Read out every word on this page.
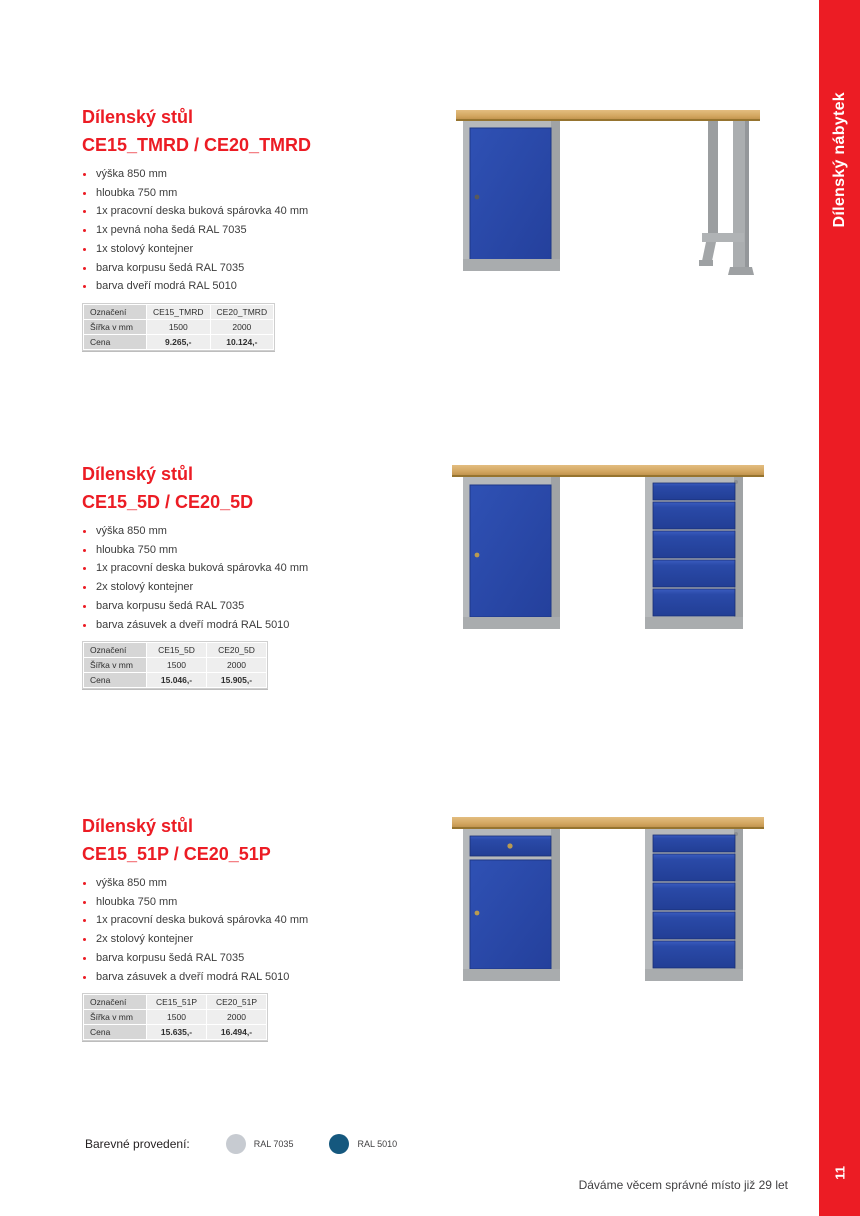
Dílenský stůl
CE15_TMRD / CE20_TMRD
výška 850 mm
hloubka 750 mm
1x pracovní deska buková spárovka 40 mm
1x pevná noha šedá RAL 7035
1x stolový kontejner
barva korpusu šedá RAL 7035
barva dveří modrá RAL 5010
Označení	CE15_TMRD	CE20_TMRD
Šířka v mm	1500	2000
Cena	9.265,-	10.124,-
Dílenský stůl
CE15_5D / CE20_5D
výška 850 mm
hloubka 750 mm
1x pracovní deska buková spárovka 40 mm
2x stolový kontejner
barva korpusu šedá RAL 7035
barva zásuvek a dveří modrá RAL 5010
Označení	CE15_5D	CE20_5D
Šířka v mm	1500	2000
Cena	15.046,-	15.905,-
Dílenský stůl
CE15_51P / CE20_51P
výška 850 mm
hloubka 750 mm
1x pracovní deska buková spárovka 40 mm
2x stolový kontejner
barva korpusu šedá RAL 7035
barva zásuvek a dveří modrá RAL 5010
Označení	CE15_51P	CE20_51P
Šířka v mm	1500	2000
Cena	15.635,-	16.494,-
Barevné provedení:	RAL 7035	RAL 5010
Dáváme věcem správné místo již 29 let
Dílenský nábytek
11
